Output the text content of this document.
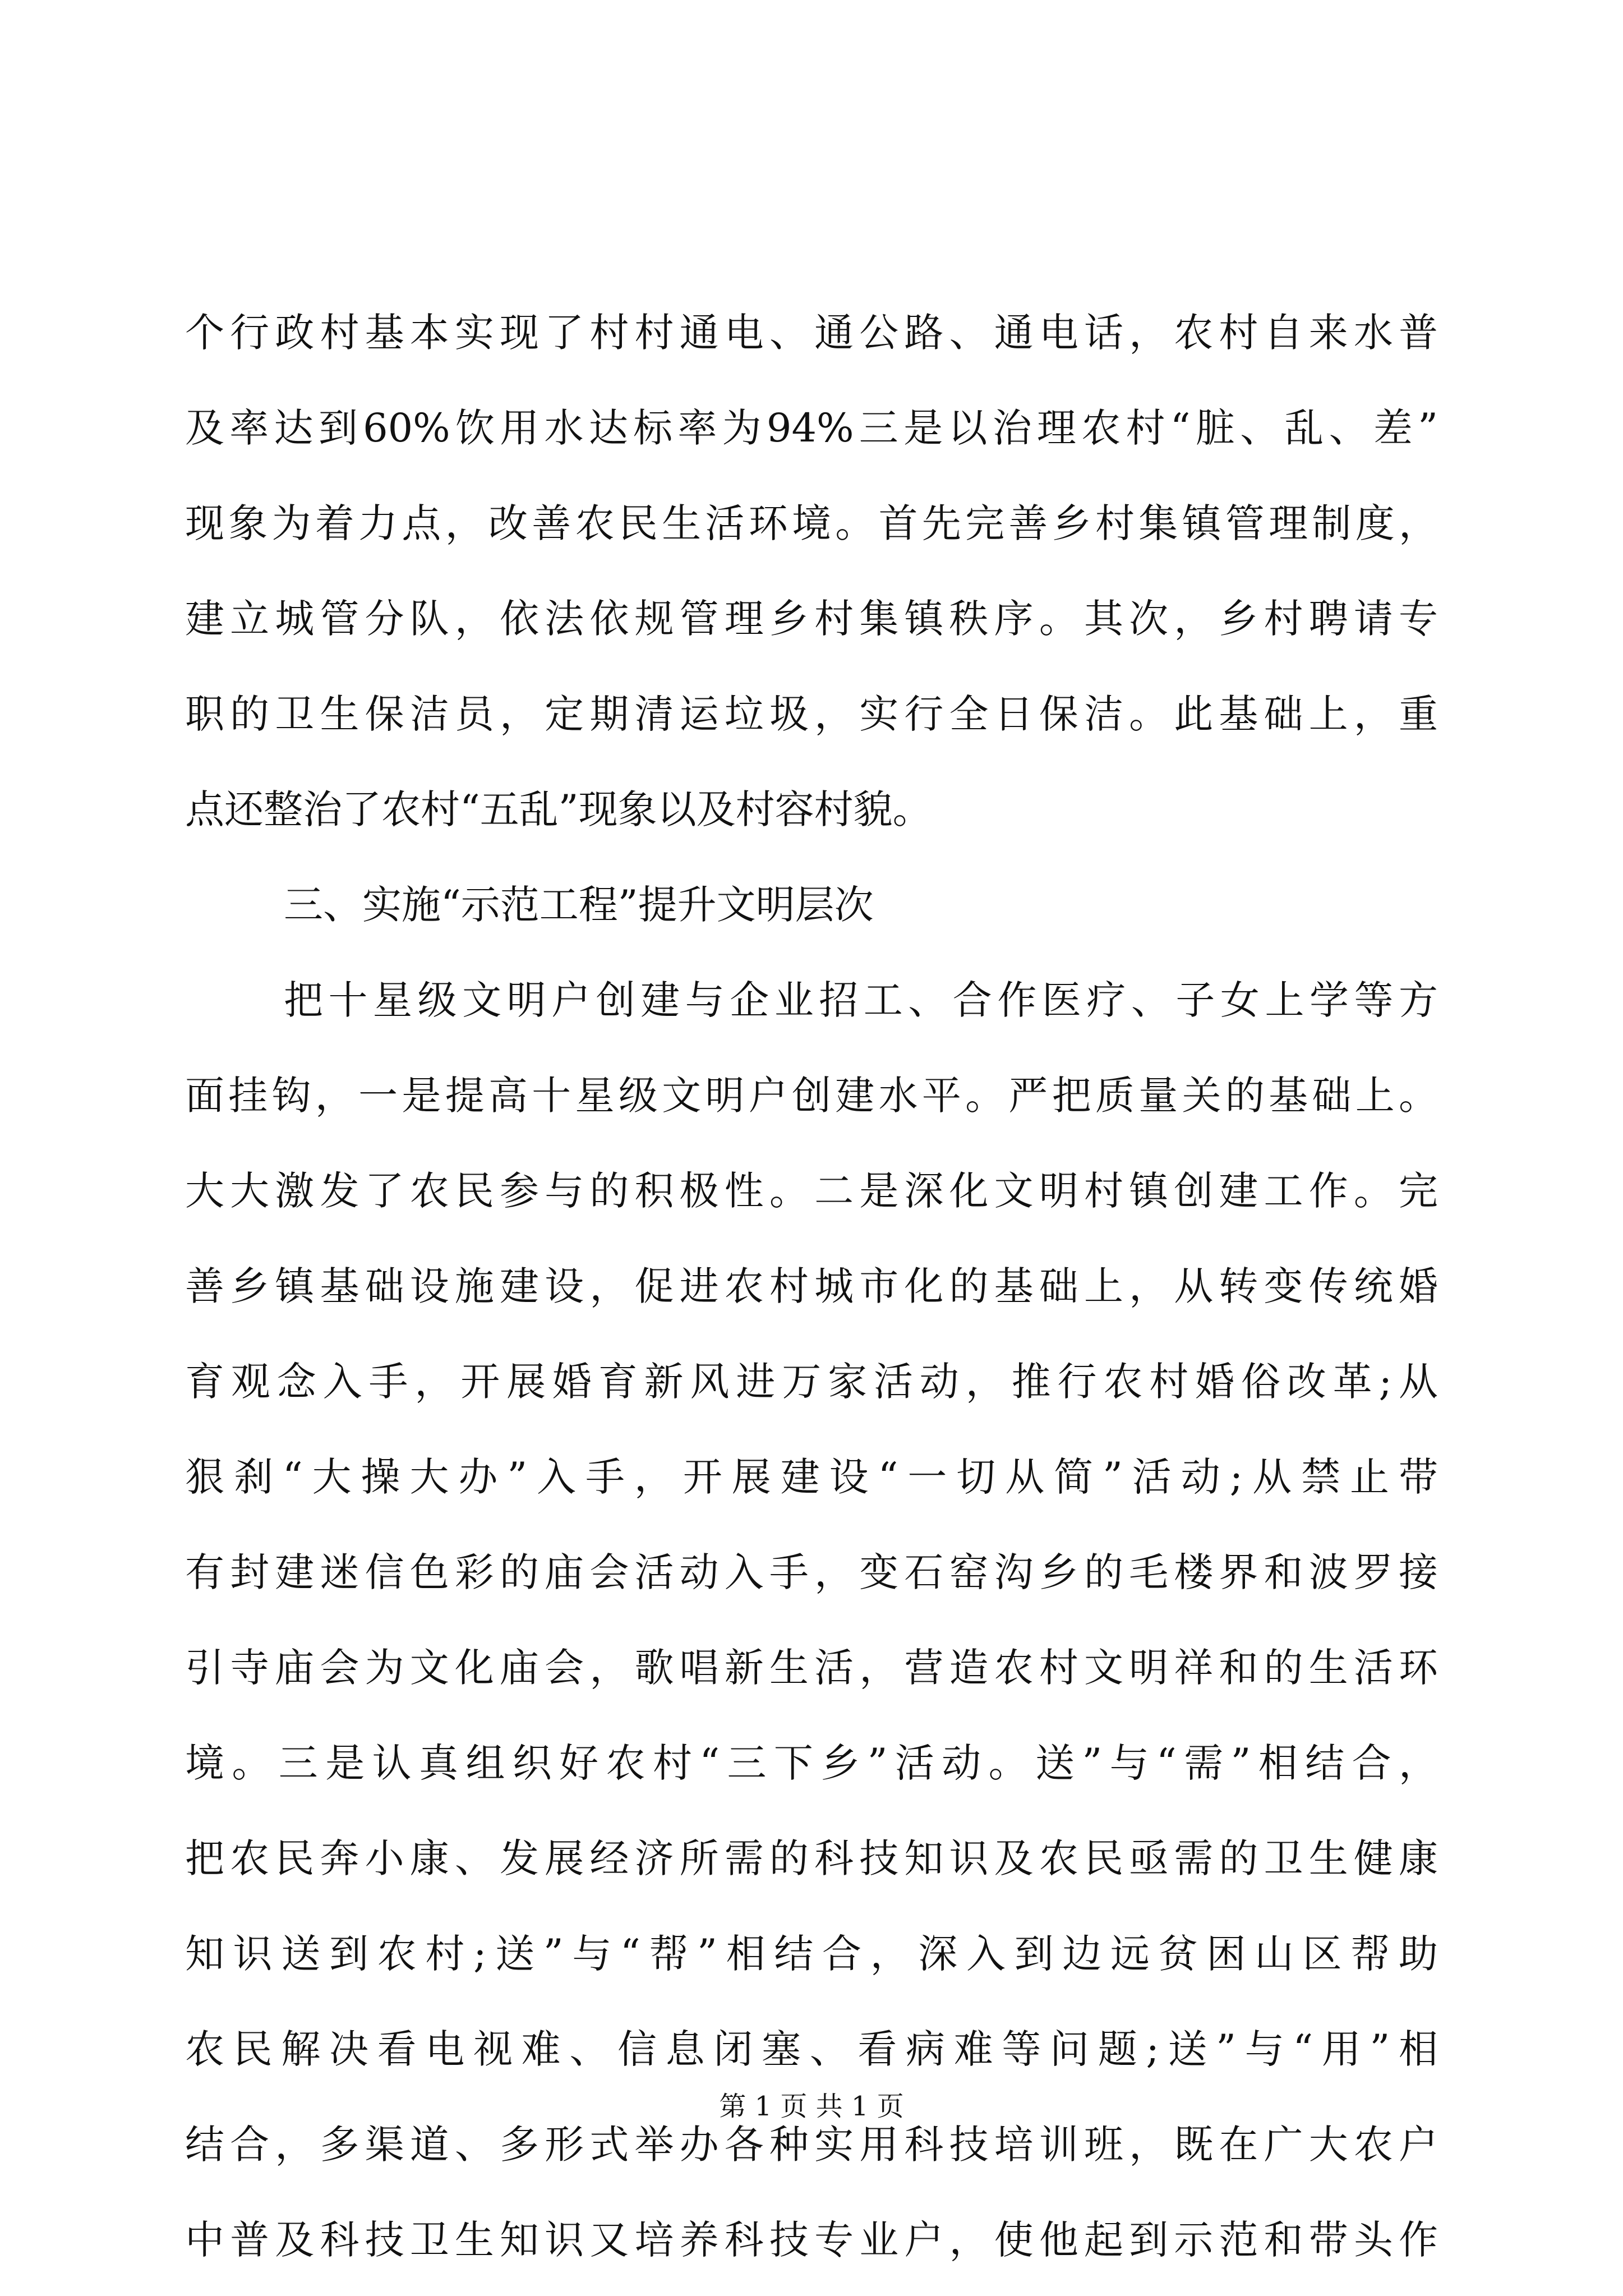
个行政村基本实现了村村通电、通公路、通电话，农村自来水普
及率达到60%饮用水达标率为94%三是以治理农村“脏、乱、差”
现象为着力点，改善农民生活环境。首先完善乡村集镇管理制度，
建立城管分队，依法依规管理乡村集镇秩序。其次，乡村聘请专
职的卫生保洁员，定期清运垃圾，实行全日保洁。此基础上，重
点还整治了农村“五乱”现象以及村容村貌。
三、实施“示范工程”提升文明层次
把十星级文明户创建与企业招工、合作医疗、子女上学等方
面挂钩，一是提高十星级文明户创建水平。严把质量关的基础上。
大大激发了农民参与的积极性。二是深化文明村镇创建工作。完
善乡镇基础设施建设，促进农村城市化的基础上，从转变传统婚
育观念入手，开展婚育新风进万家活动，推行农村婚俗改革;从
狠刹“大操大办”入手，开展建设“一切从简”活动;从禁止带
有封建迷信色彩的庙会活动入手，变石窑沟乡的毛楼界和波罗接
引寺庙会为文化庙会，歌唱新生活，营造农村文明祥和的生活环
境。三是认真组织好农村“三下乡”活动。送”与“需”相结合，
把农民奔小康、发展经济所需的科技知识及农民亟需的卫生健康
知识送到农村;送”与“帮”相结合，深入到边远贫困山区帮助
农民解决看电视难、信息闭塞、看病难等问题;送”与“用”相
结合，多渠道、多形式举办各种实用科技培训班，既在广大农户
中普及科技卫生知识又培养科技专业户，使他起到示范和带头作
第 1 页 共 1 页
